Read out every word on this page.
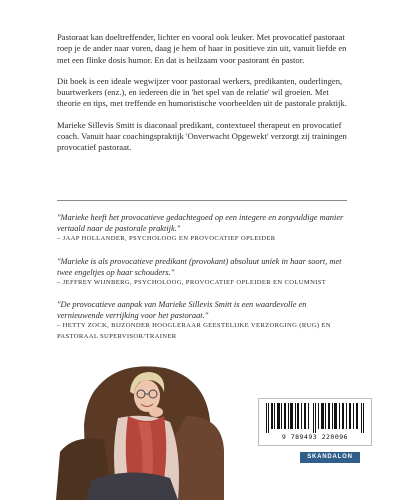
Pastoraat kan doeltreffender, lichter en vooral ook leuker. Met provocatief pastoraat roep je de ander naar voren, daag je hem of haar in positieve zin uit, vanuit liefde en met een flinke dosis humor. En dat is heilzaam voor pastorant én pastor.

Dit boek is een ideale wegwijzer voor pastoraal werkers, predikanten, ouderlingen, buurtwerkers (enz.), en iedereen die in 'het spel van de relatie' wil groeien. Met theorie en tips, met treffende en humoristische voorbeelden uit de pastorale praktijk.

Marieke Sillevis Smitt is diaconaal predikant, contextueel therapeut en provocatief coach. Vanuit haar coachingspraktijk 'Onverwacht Opgewekt' verzorgt zij trainingen provocatief pastoraat.

"Marieke heeft het provocatieve gedachtegoed op een integere en zorgvuldige manier vertaald naar de pastorale praktijk."
– JAAP HOLLANDER, PSYCHOLOOG EN PROVOCATIEF OPLEIDER
"Marieke is als provocatieve predikant (provokant) absoluut uniek in haar soort, met twee engeltjes op haar schouders."
– JEFFREY WIJNBERG, PSYCHOLOOG, PROVOCATIEF OPLEIDER EN COLUMNIST
"De provocatieve aanpak van Marieke Sillevis Smitt is een waardevolle en vernieuwende verrijking voor het pastoraat."
– HETTY ZOCK, BIJZONDER HOOGLERAAR GEESTELIJKE VERZORGING (RUG) EN PASTORAAL SUPERVISOR/TRAINER
9 789493 220096
SKANDALON
